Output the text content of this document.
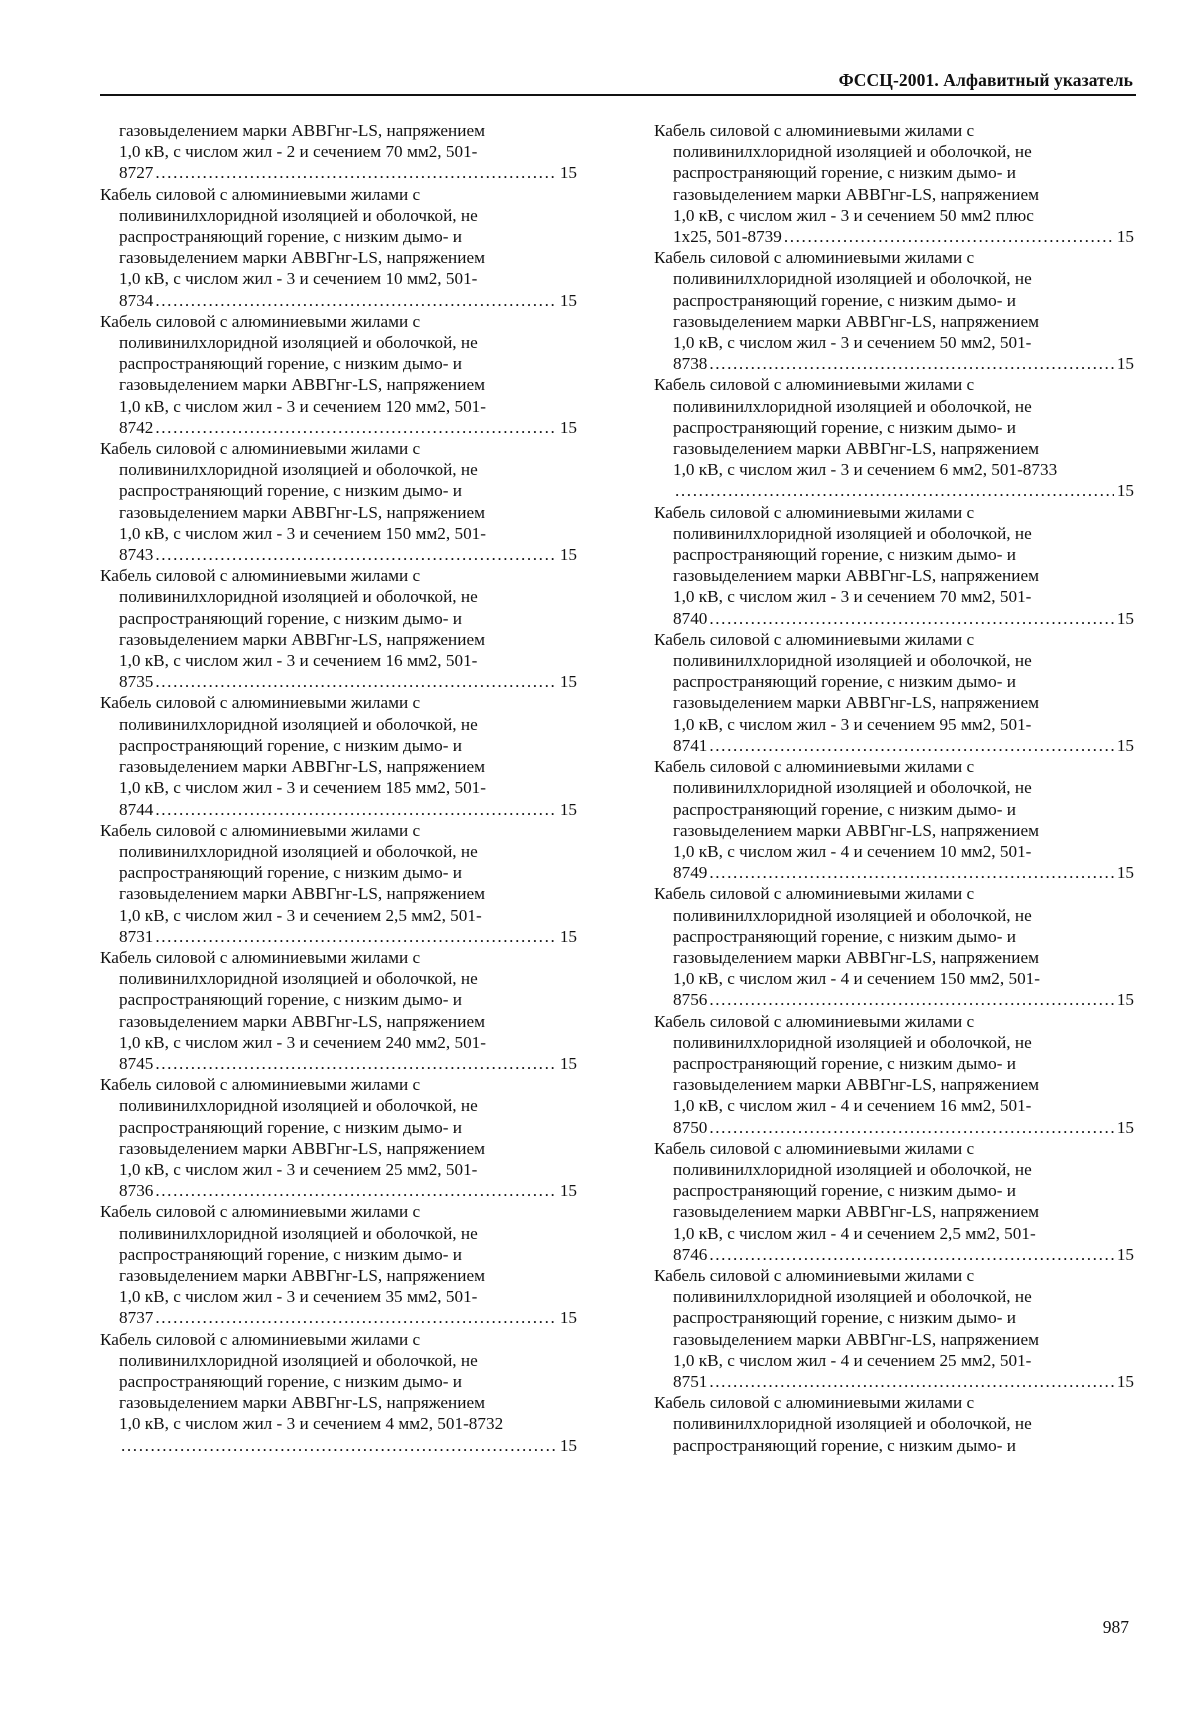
ФССЦ-2001. Алфавитный указатель
газовыделением марки АВВГнг-LS, напряжением
1,0 кВ, с числом жил - 2 и сечением 70 мм2, 501-
8727 .....	15
Кабель силовой с алюминиевыми жилами с
поливинилхлоридной изоляцией и оболочкой, не
распространяющий горение, с низким дымо- и
газовыделением марки АВВГнг-LS, напряжением
1,0 кВ, с числом жил - 3 и сечением 10 мм2, 501-
8734 .....	15
Кабель силовой с алюминиевыми жилами с
поливинилхлоридной изоляцией и оболочкой, не
распространяющий горение, с низким дымо- и
газовыделением марки АВВГнг-LS, напряжением
1,0 кВ, с числом жил - 3 и сечением 120 мм2, 501-
8742 .....	15
Кабель силовой с алюминиевыми жилами с
поливинилхлоридной изоляцией и оболочкой, не
распространяющий горение, с низким дымо- и
газовыделением марки АВВГнг-LS, напряжением
1,0 кВ, с числом жил - 3 и сечением 150 мм2, 501-
8743 .....	15
Кабель силовой с алюминиевыми жилами с
поливинилхлоридной изоляцией и оболочкой, не
распространяющий горение, с низким дымо- и
газовыделением марки АВВГнг-LS, напряжением
1,0 кВ, с числом жил - 3 и сечением 16 мм2, 501-
8735 .....	15
Кабель силовой с алюминиевыми жилами с
поливинилхлоридной изоляцией и оболочкой, не
распространяющий горение, с низким дымо- и
газовыделением марки АВВГнг-LS, напряжением
1,0 кВ, с числом жил - 3 и сечением 185 мм2, 501-
8744 .....	15
Кабель силовой с алюминиевыми жилами с
поливинилхлоридной изоляцией и оболочкой, не
распространяющий горение, с низким дымо- и
газовыделением марки АВВГнг-LS, напряжением
1,0 кВ, с числом жил - 3 и сечением 2,5 мм2, 501-
8731 .....	15
Кабель силовой с алюминиевыми жилами с
поливинилхлоридной изоляцией и оболочкой, не
распространяющий горение, с низким дымо- и
газовыделением марки АВВГнг-LS, напряжением
1,0 кВ, с числом жил - 3 и сечением 240 мм2, 501-
8745 .....	15
Кабель силовой с алюминиевыми жилами с
поливинилхлоридной изоляцией и оболочкой, не
распространяющий горение, с низким дымо- и
газовыделением марки АВВГнг-LS, напряжением
1,0 кВ, с числом жил - 3 и сечением 25 мм2, 501-
8736 .....	15
Кабель силовой с алюминиевыми жилами с
поливинилхлоридной изоляцией и оболочкой, не
распространяющий горение, с низким дымо- и
газовыделением марки АВВГнг-LS, напряжением
1,0 кВ, с числом жил - 3 и сечением 35 мм2, 501-
8737 .....	15
Кабель силовой с алюминиевыми жилами с
поливинилхлоридной изоляцией и оболочкой, не
распространяющий горение, с низким дымо- и
газовыделением марки АВВГнг-LS, напряжением
1,0 кВ, с числом жил - 3 и сечением 4 мм2, 501-8732
.....
15
Кабель силовой с алюминиевыми жилами с
поливинилхлоридной изоляцией и оболочкой, не
распространяющий горение, с низким дымо- и
газовыделением марки АВВГнг-LS, напряжением
1,0 кВ, с числом жил - 3 и сечением 50 мм2 плюс
1х25, 501-8739 .....	15
Кабель силовой с алюминиевыми жилами с
поливинилхлоридной изоляцией и оболочкой, не
распространяющий горение, с низким дымо- и
газовыделением марки АВВГнг-LS, напряжением
1,0 кВ, с числом жил - 3 и сечением 50 мм2, 501-
8738 .....	15
Кабель силовой с алюминиевыми жилами с
поливинилхлоридной изоляцией и оболочкой, не
распространяющий горение, с низким дымо- и
газовыделением марки АВВГнг-LS, напряжением
1,0 кВ, с числом жил - 3 и сечением 6 мм2, 501-8733
.....
15
Кабель силовой с алюминиевыми жилами с
поливинилхлоридной изоляцией и оболочкой, не
распространяющий горение, с низким дымо- и
газовыделением марки АВВГнг-LS, напряжением
1,0 кВ, с числом жил - 3 и сечением 70 мм2, 501-
8740 .....	15
Кабель силовой с алюминиевыми жилами с
поливинилхлоридной изоляцией и оболочкой, не
распространяющий горение, с низким дымо- и
газовыделением марки АВВГнг-LS, напряжением
1,0 кВ, с числом жил - 3 и сечением 95 мм2, 501-
8741 .....	15
Кабель силовой с алюминиевыми жилами с
поливинилхлоридной изоляцией и оболочкой, не
распространяющий горение, с низким дымо- и
газовыделением марки АВВГнг-LS, напряжением
1,0 кВ, с числом жил - 4 и сечением 10 мм2, 501-
8749 .....	15
Кабель силовой с алюминиевыми жилами с
поливинилхлоридной изоляцией и оболочкой, не
распространяющий горение, с низким дымо- и
газовыделением марки АВВГнг-LS, напряжением
1,0 кВ, с числом жил - 4 и сечением 150 мм2, 501-
8756 .....	15
Кабель силовой с алюминиевыми жилами с
поливинилхлоридной изоляцией и оболочкой, не
распространяющий горение, с низким дымо- и
газовыделением марки АВВГнг-LS, напряжением
1,0 кВ, с числом жил - 4 и сечением 16 мм2, 501-
8750 .....	15
Кабель силовой с алюминиевыми жилами с
поливинилхлоридной изоляцией и оболочкой, не
распространяющий горение, с низким дымо- и
газовыделением марки АВВГнг-LS, напряжением
1,0 кВ, с числом жил - 4 и сечением 2,5 мм2, 501-
8746 .....	15
Кабель силовой с алюминиевыми жилами с
поливинилхлоридной изоляцией и оболочкой, не
распространяющий горение, с низким дымо- и
газовыделением марки АВВГнг-LS, напряжением
1,0 кВ, с числом жил - 4 и сечением 25 мм2, 501-
8751 .....	15
Кабель силовой с алюминиевыми жилами с
поливинилхлоридной изоляцией и оболочкой, не
распространяющий горение, с низким дымо- и
987
